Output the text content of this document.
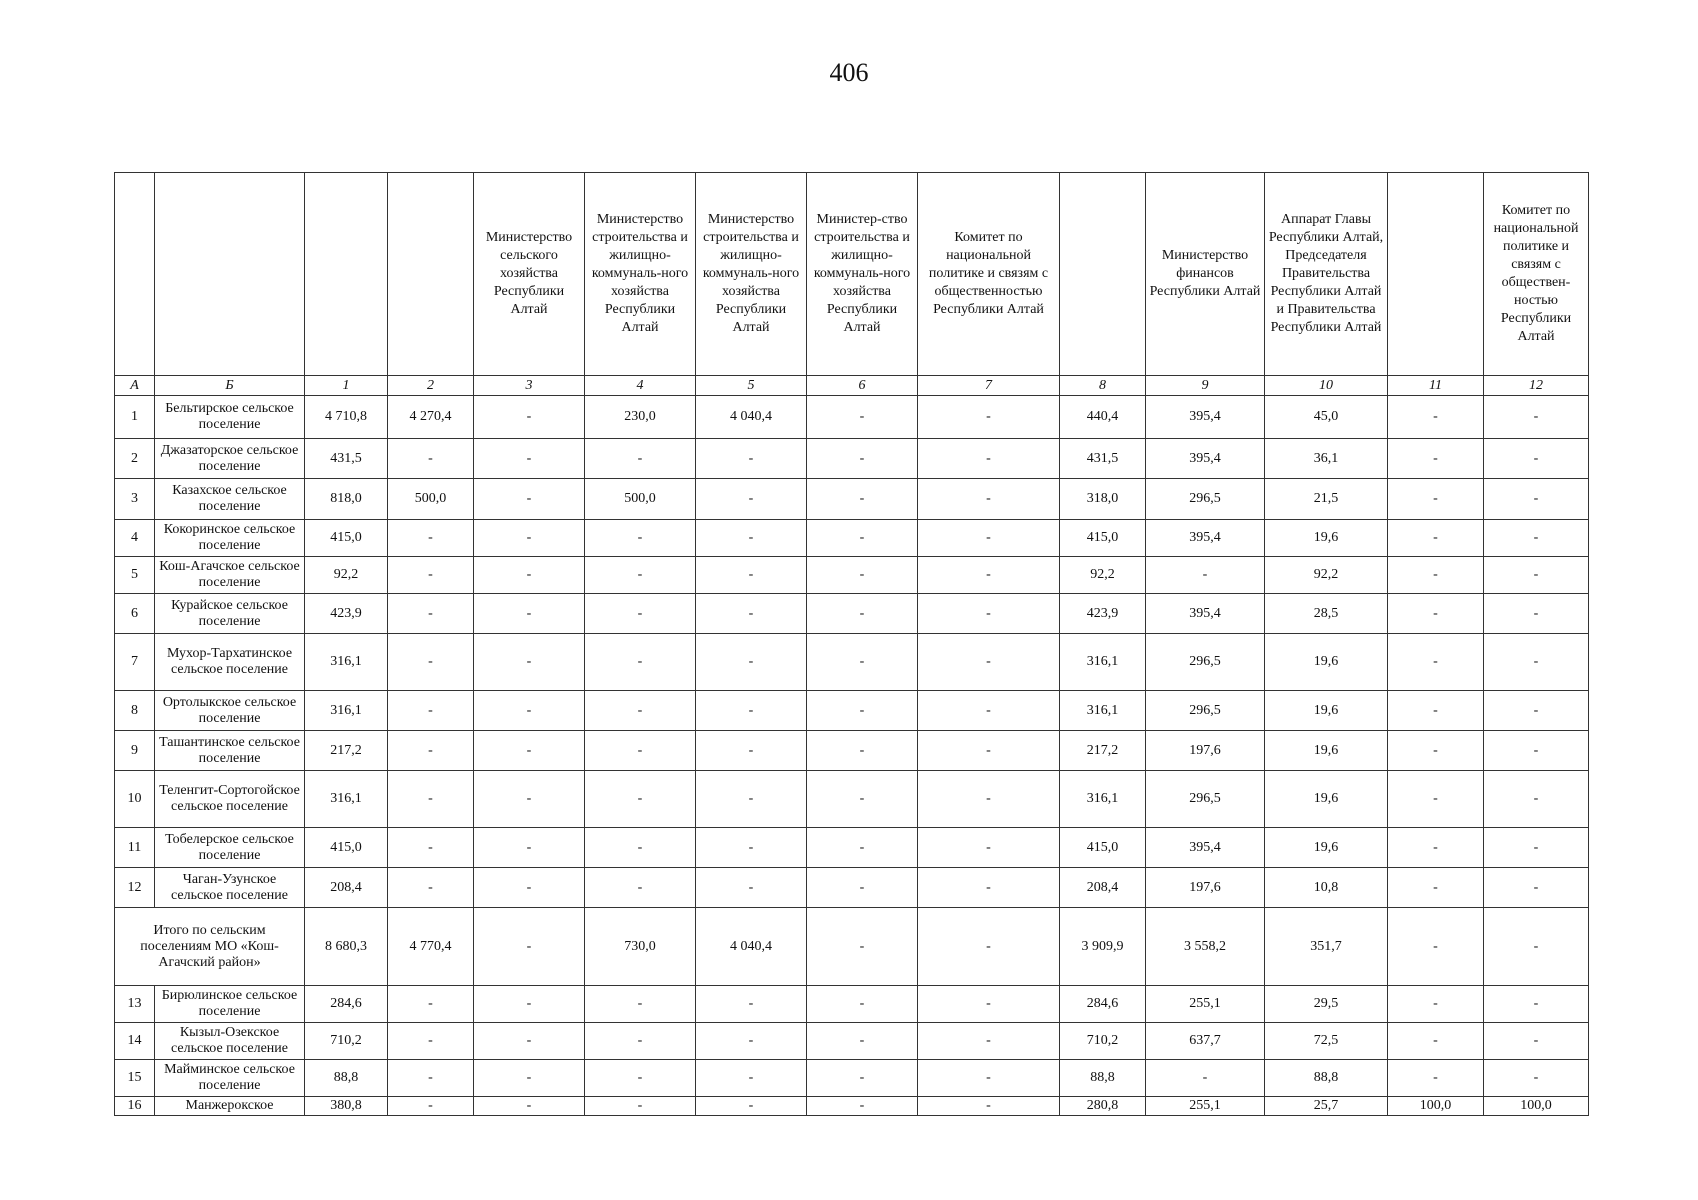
406
				Министерство сельского хозяйства Республики Алтай	Министерство строительства и жилищно-коммуналь-ного хозяйства Республики Алтай	Министерство строительства и жилищно-коммуналь-ного хозяйства Республики Алтай	Министер-ство строительства и жилищно-коммуналь-ного хозяйства Республики Алтай	Комитет по национальной политике и связям с общественностью Республики Алтай		Министерство финансов Республики Алтай	Аппарат Главы Республики Алтай, Председателя Правительства Республики Алтай и Правительства Республики Алтай		Комитет по национальной политике и связям с обществен-ностью Республики Алтай
А	Б	1	2	3	4	5	6	7	8	9	10	11	12
1	Бельтирское сельское поселение	4 710,8	4 270,4	-	230,0	4 040,4	-	-	440,4	395,4	45,0	-	-
2	Джазаторское сельское поселение	431,5	-	-	-	-	-	-	431,5	395,4	36,1	-	-
3	Казахское сельское поселение	818,0	500,0	-	500,0	-	-	-	318,0	296,5	21,5	-	-
4	Кокоринское сельское поселение	415,0	-	-	-	-	-	-	415,0	395,4	19,6	-	-
5	Кош-Агачское сельское поселение	92,2	-	-	-	-	-	-	92,2	-	92,2	-	-
6	Курайское сельское поселение	423,9	-	-	-	-	-	-	423,9	395,4	28,5	-	-
7	Мухор-Тархатинское сельское поселение	316,1	-	-	-	-	-	-	316,1	296,5	19,6	-	-
8	Ортолыкское сельское поселение	316,1	-	-	-	-	-	-	316,1	296,5	19,6	-	-
9	Ташантинское сельское поселение	217,2	-	-	-	-	-	-	217,2	197,6	19,6	-	-
10	Теленгит-Сортогойское сельское поселение	316,1	-	-	-	-	-	-	316,1	296,5	19,6	-	-
11	Тобелерское сельское поселение	415,0	-	-	-	-	-	-	415,0	395,4	19,6	-	-
12	Чаган-Узунское сельское поселение	208,4	-	-	-	-	-	-	208,4	197,6	10,8	-	-
Итого по сельским поселениям МО «Кош-Агачский район»		8 680,3	4 770,4	-	730,0	4 040,4	-	-	3 909,9	3 558,2	351,7	-	-
13	Бирюлинское сельское поселение	284,6	-	-	-	-	-	-	284,6	255,1	29,5	-	-
14	Кызыл-Озекское сельское поселение	710,2	-	-	-	-	-	-	710,2	637,7	72,5	-	-
15	Майминское сельское поселение	88,8	-	-	-	-	-	-	88,8	-	88,8	-	-
16	Манжерокское	380,8	-	-	-	-	-	-	280,8	255,1	25,7	100,0	100,0
